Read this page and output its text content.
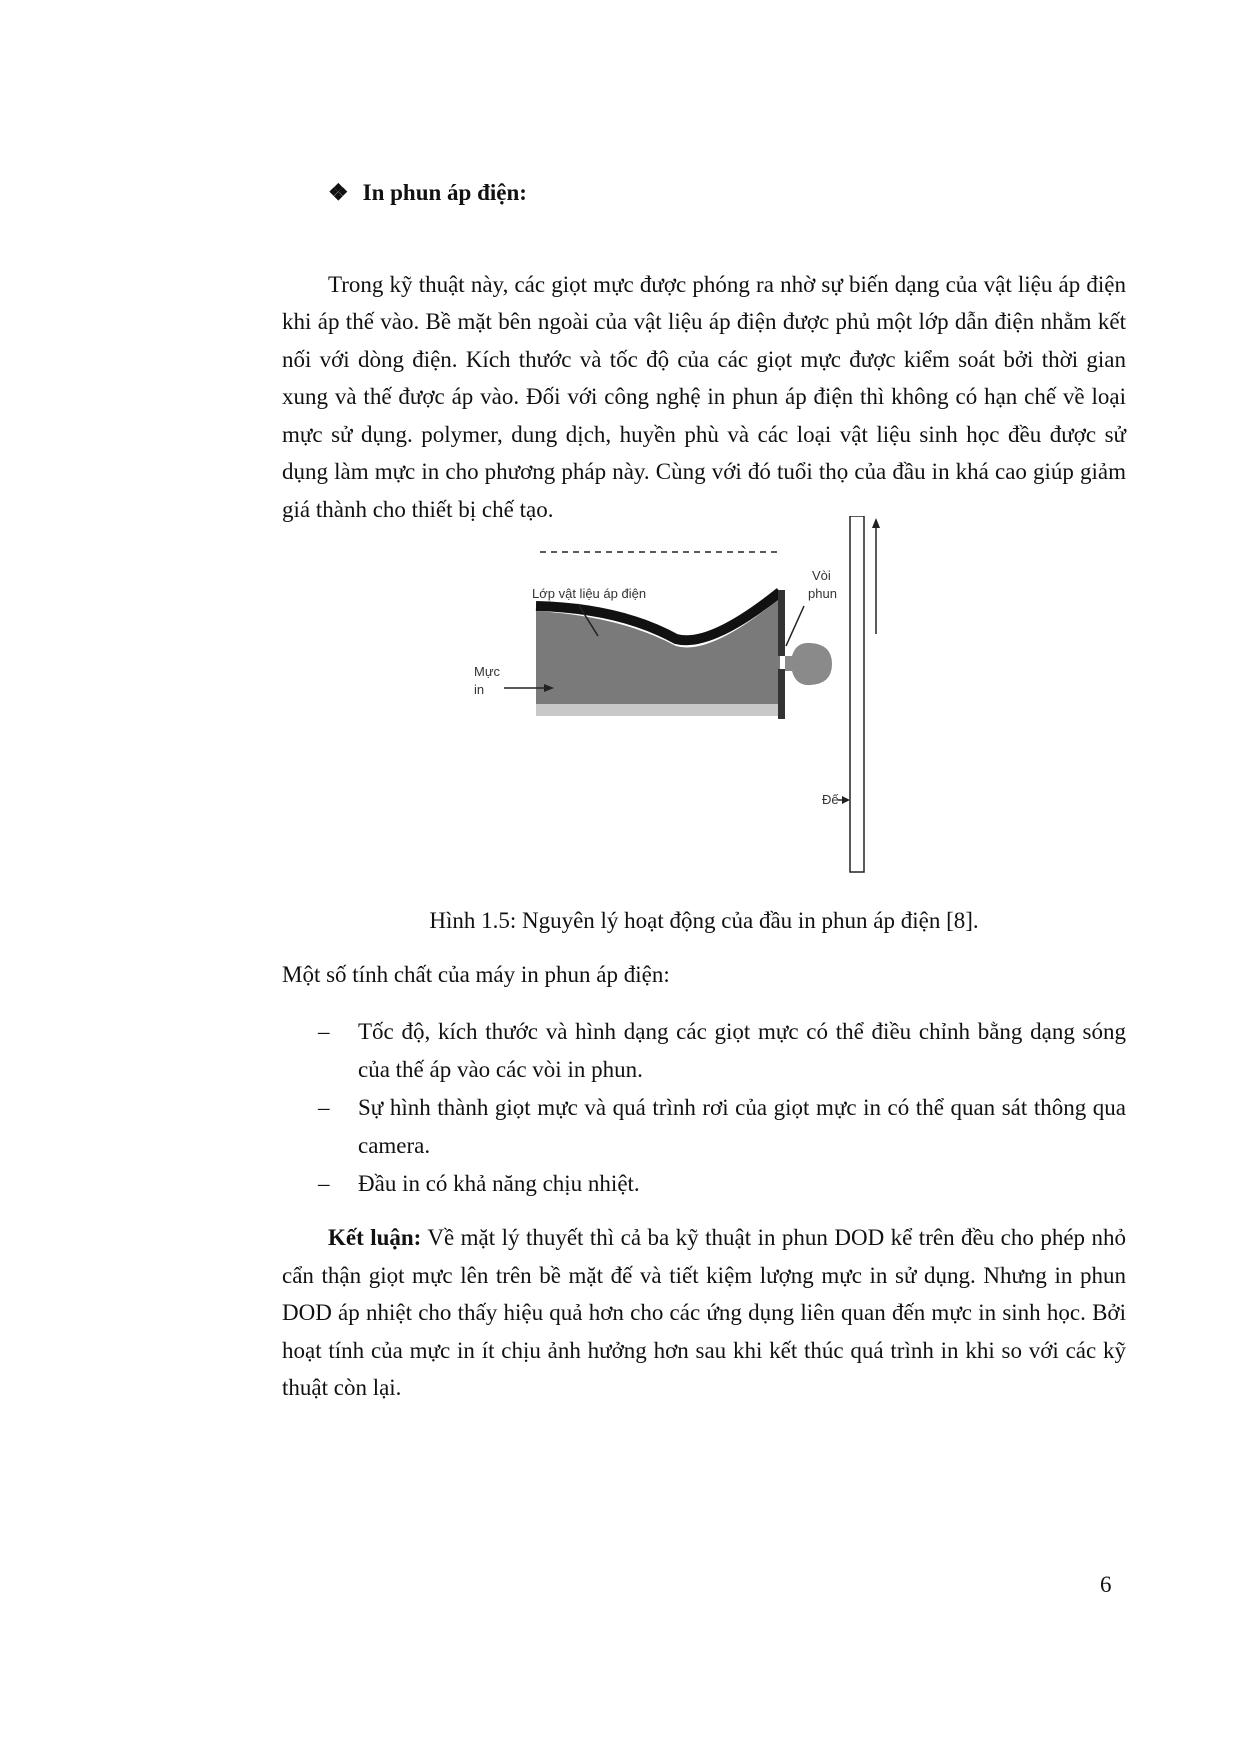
❖ In phun áp điện:

Trong kỹ thuật này, các giọt mực được phóng ra nhờ sự biến dạng của vật liệu áp điện khi áp thế vào. Bề mặt bên ngoài của vật liệu áp điện được phủ một lớp dẫn điện nhằm kết nối với dòng điện. Kích thước và tốc độ của các giọt mực được kiểm soát bởi thời gian xung và thế được áp vào. Đối với công nghệ in phun áp điện thì không có hạn chế về loại mực sử dụng. polymer, dung dịch, huyền phù và các loại vật liệu sinh học đều được sử dụng làm mực in cho phương pháp này. Cùng với đó tuổi thọ của đầu in khá cao giúp giảm giá thành cho thiết bị chế tạo.

Lớp vật liệu áp điện
Vòi
phun
Mực
in
Đế
Hình 1.5: Nguyên lý hoạt động của đầu in phun áp điện [8].
Một số tính chất của máy in phun áp điện:
– Tốc độ, kích thước và hình dạng các giọt mực có thể điều chỉnh bằng dạng sóng của thế áp vào các vòi in phun.
– Sự hình thành giọt mực và quá trình rơi của giọt mực in có thể quan sát thông qua camera.
– Đầu in có khả năng chịu nhiệt.

Kết luận: Về mặt lý thuyết thì cả ba kỹ thuật in phun DOD kể trên đều cho phép nhỏ cẩn thận giọt mực lên trên bề mặt đế và tiết kiệm lượng mực in sử dụng. Nhưng in phun DOD áp nhiệt cho thấy hiệu quả hơn cho các ứng dụng liên quan đến mực in sinh học. Bởi hoạt tính của mực in ít chịu ảnh hưởng hơn sau khi kết thúc quá trình in khi so với các kỹ thuật còn lại.

6
